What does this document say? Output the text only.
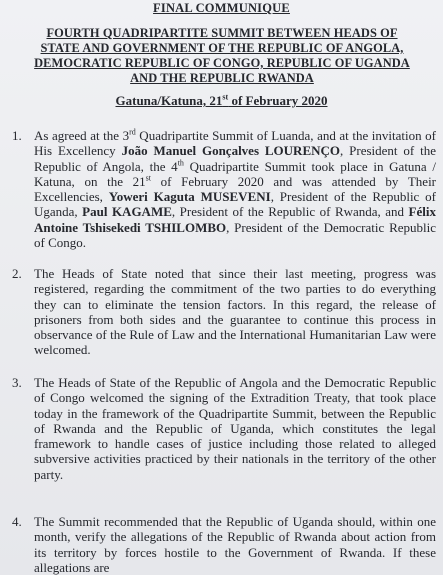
FINAL COMMUNIQUE
FOURTH QUADRIPARTITE SUMMIT BETWEEN HEADS OF
STATE AND GOVERNMENT OF THE REPUBLIC OF ANGOLA,
DEMOCRATIC REPUBLIC OF CONGO, REPUBLIC OF UGANDA
AND THE REPUBLIC RWANDA
Gatuna/Katuna, 21st of February 2020
1. As agreed at the 3rd Quadripartite Summit of Luanda, and at the invitation of His Excellency João Manuel Gonçalves LOURENÇO, President of the Republic of Angola, the 4th Quadripartite Summit took place in Gatuna / Katuna, on the 21st of February 2020 and was attended by Their Excellencies, Yoweri Kaguta MUSEVENI, President of the Republic of Uganda, Paul KAGAME, President of the Republic of Rwanda, and Félix Antoine Tshisekedi TSHILOMBO, President of the Democratic Republic of Congo.
2. The Heads of State noted that since their last meeting, progress was registered, regarding the commitment of the two parties to do everything they can to eliminate the tension factors. In this regard, the release of prisoners from both sides and the guarantee to continue this process in observance of the Rule of Law and the International Humanitarian Law were welcomed.
3. The Heads of State of the Republic of Angola and the Democratic Republic of Congo welcomed the signing of the Extradition Treaty, that took place today in the framework of the Quadripartite Summit, between the Republic of Rwanda and the Republic of Uganda, which constitutes the legal framework to handle cases of justice including those related to alleged subversive activities practiced by their nationals in the territory of the other party.
4. The Summit recommended that the Republic of Uganda should, within one month, verify the allegations of the Republic of Rwanda about action from its territory by forces hostile to the Government of Rwanda. If these allegations are
